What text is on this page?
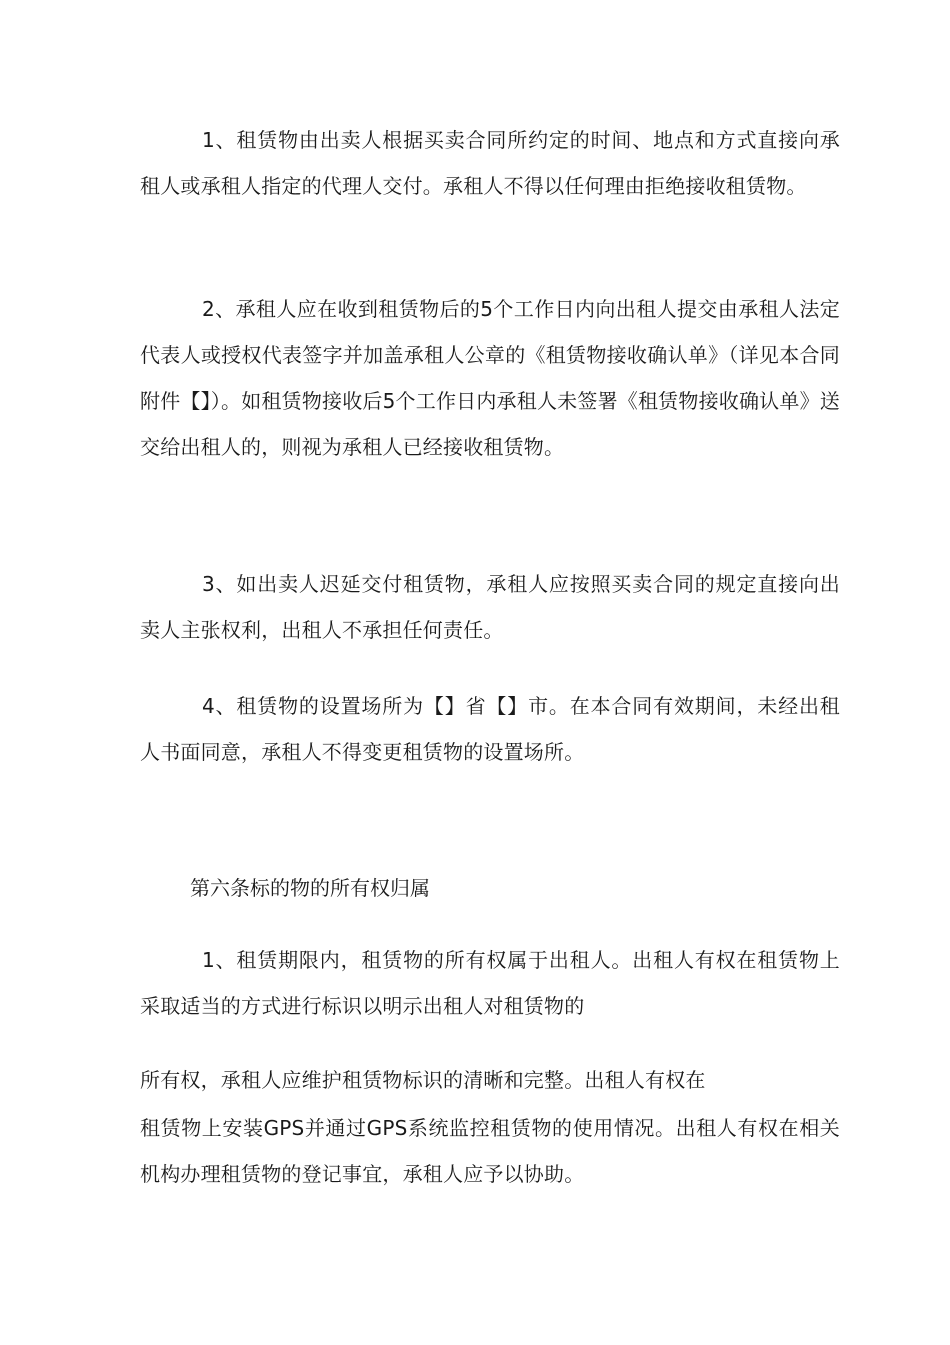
1、租赁物由出卖人根据买卖合同所约定的时间、地点和方式直接向承租人或承租人指定的代理人交付。承租人不得以任何理由拒绝接收租赁物。

2、承租人应在收到租赁物后的5个工作日内向出租人提交由承租人法定代表人或授权代表签字并加盖承租人公章的《租赁物接收确认单》（详见本合同附件【】）。如租赁物接收后5个工作日内承租人未签署《租赁物接收确认单》送交给出租人的，则视为承租人已经接收租赁物。

3、如出卖人迟延交付租赁物，承租人应按照买卖合同的规定直接向出卖人主张权利，出租人不承担任何责任。

4、租赁物的设置场所为【】省【】市。在本合同有效期间，未经出租人书面同意，承租人不得变更租赁物的设置场所。

第六条标的物的所有权归属

1、租赁期限内，租赁物的所有权属于出租人。出租人有权在租赁物上采取适当的方式进行标识以明示出租人对租赁物的

所有权，承租人应维护租赁物标识的清晰和完整。出租人有权在

租赁物上安装GPS并通过GPS系统监控租赁物的使用情况。出租人有权在相关机构办理租赁物的登记事宜，承租人应予以协助。
